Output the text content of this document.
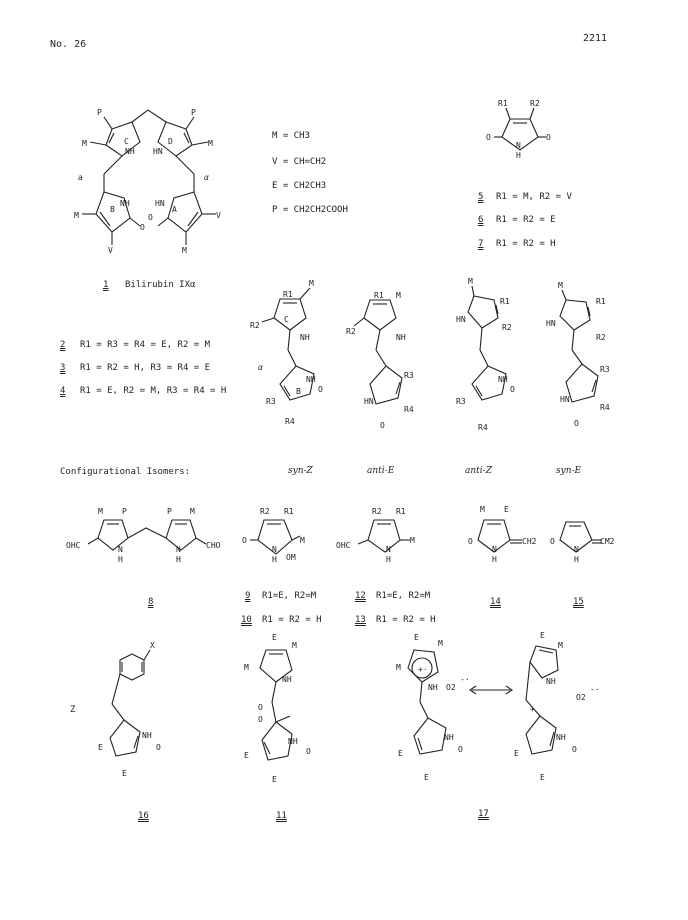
No. 26
2211
M = CH3
V = CH=CH2
E = CH2CH3
P = CH2CH2COOH
5 R1 = M, R2 = V
6 R1 = R2 = E
7 R1 = R2 = H
1 Bilirubin IXα
2 R1 = R3 = R4 = E, R2 = M
3 R1 = R2 = H, R3 = R4 = E
4 R1 = E, R2 = M, R3 = R4 = H
Configurational Isomers:	syn-Z	anti-E	anti-Z	syn-E
8
9 R1=E, R2=M
10 R1 = R2 = H
12 R1=E, R2=M
13 R1 = R2 = H
14	15
Z
16	11	17
P	P
M	M
C	D
NH HN
a	α
M	V
B	A
NH	HN
O
O
V	M
R1	R2
O	O
N
H
R1
M
R2
C
NH
α
NH
B O
R3
R4
R1 M
R2
NH
R3
R4
HN
O
M
R1
HN
R2
NH
O
R3
R4
M
R1
HN
R2
R3
R4
HN
O
M P	P M
OHC	CHO
N
H
N
H
R2 R1
O	M
N
H OM
R2 R1
OHC
M
N
H
M E
O	CH2
N
H
O	CM2
N
H
X
NH
O
E
E
E
M
M
NH
O
O
NH
O
E
E
E
M
M +·
NH O2
-·
NH
O
E
E
E
M
NH
O2
-·
+
NH
O
E
E
